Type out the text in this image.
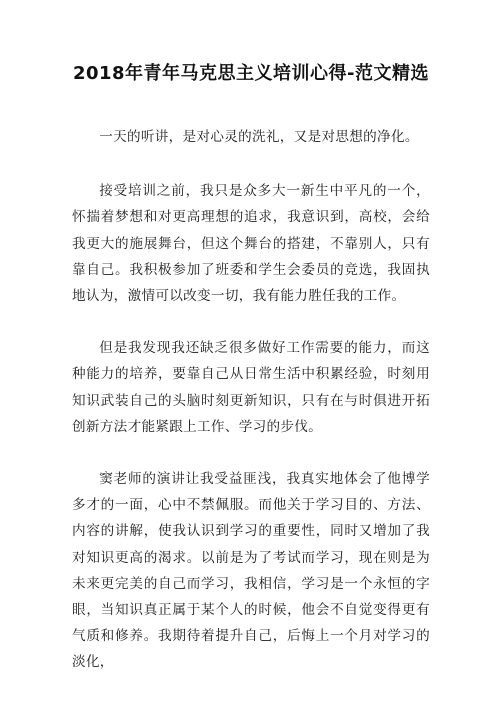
2018年青年马克思主义培训心得-范文精选

一天的听讲，是对心灵的洗礼，又是对思想的净化。

接受培训之前，我只是众多大一新生中平凡的一个，怀揣着梦想和对更高理想的追求，我意识到，高校，会给我更大的施展舞台，但这个舞台的搭建，不靠别人，只有靠自己。我积极参加了班委和学生会委员的竞选，我固执地认为，激情可以改变一切，我有能力胜任我的工作。

但是我发现我还缺乏很多做好工作需要的能力，而这种能力的培养，要靠自己从日常生活中积累经验，时刻用知识武装自己的头脑时刻更新知识，只有在与时俱进开拓创新方法才能紧跟上工作、学习的步伐。

窦老师的演讲让我受益匪浅，我真实地体会了他博学多才的一面，心中不禁佩服。而他关于学习目的、方法、内容的讲解，使我认识到学习的重要性，同时又增加了我对知识更高的渴求。以前是为了考试而学习，现在则是为未来更完美的自己而学习，我相信，学习是一个永恒的字眼，当知识真正属于某个人的时候，他会不自觉变得更有气质和修养。我期待着提升自己，后悔上一个月对学习的淡化，
